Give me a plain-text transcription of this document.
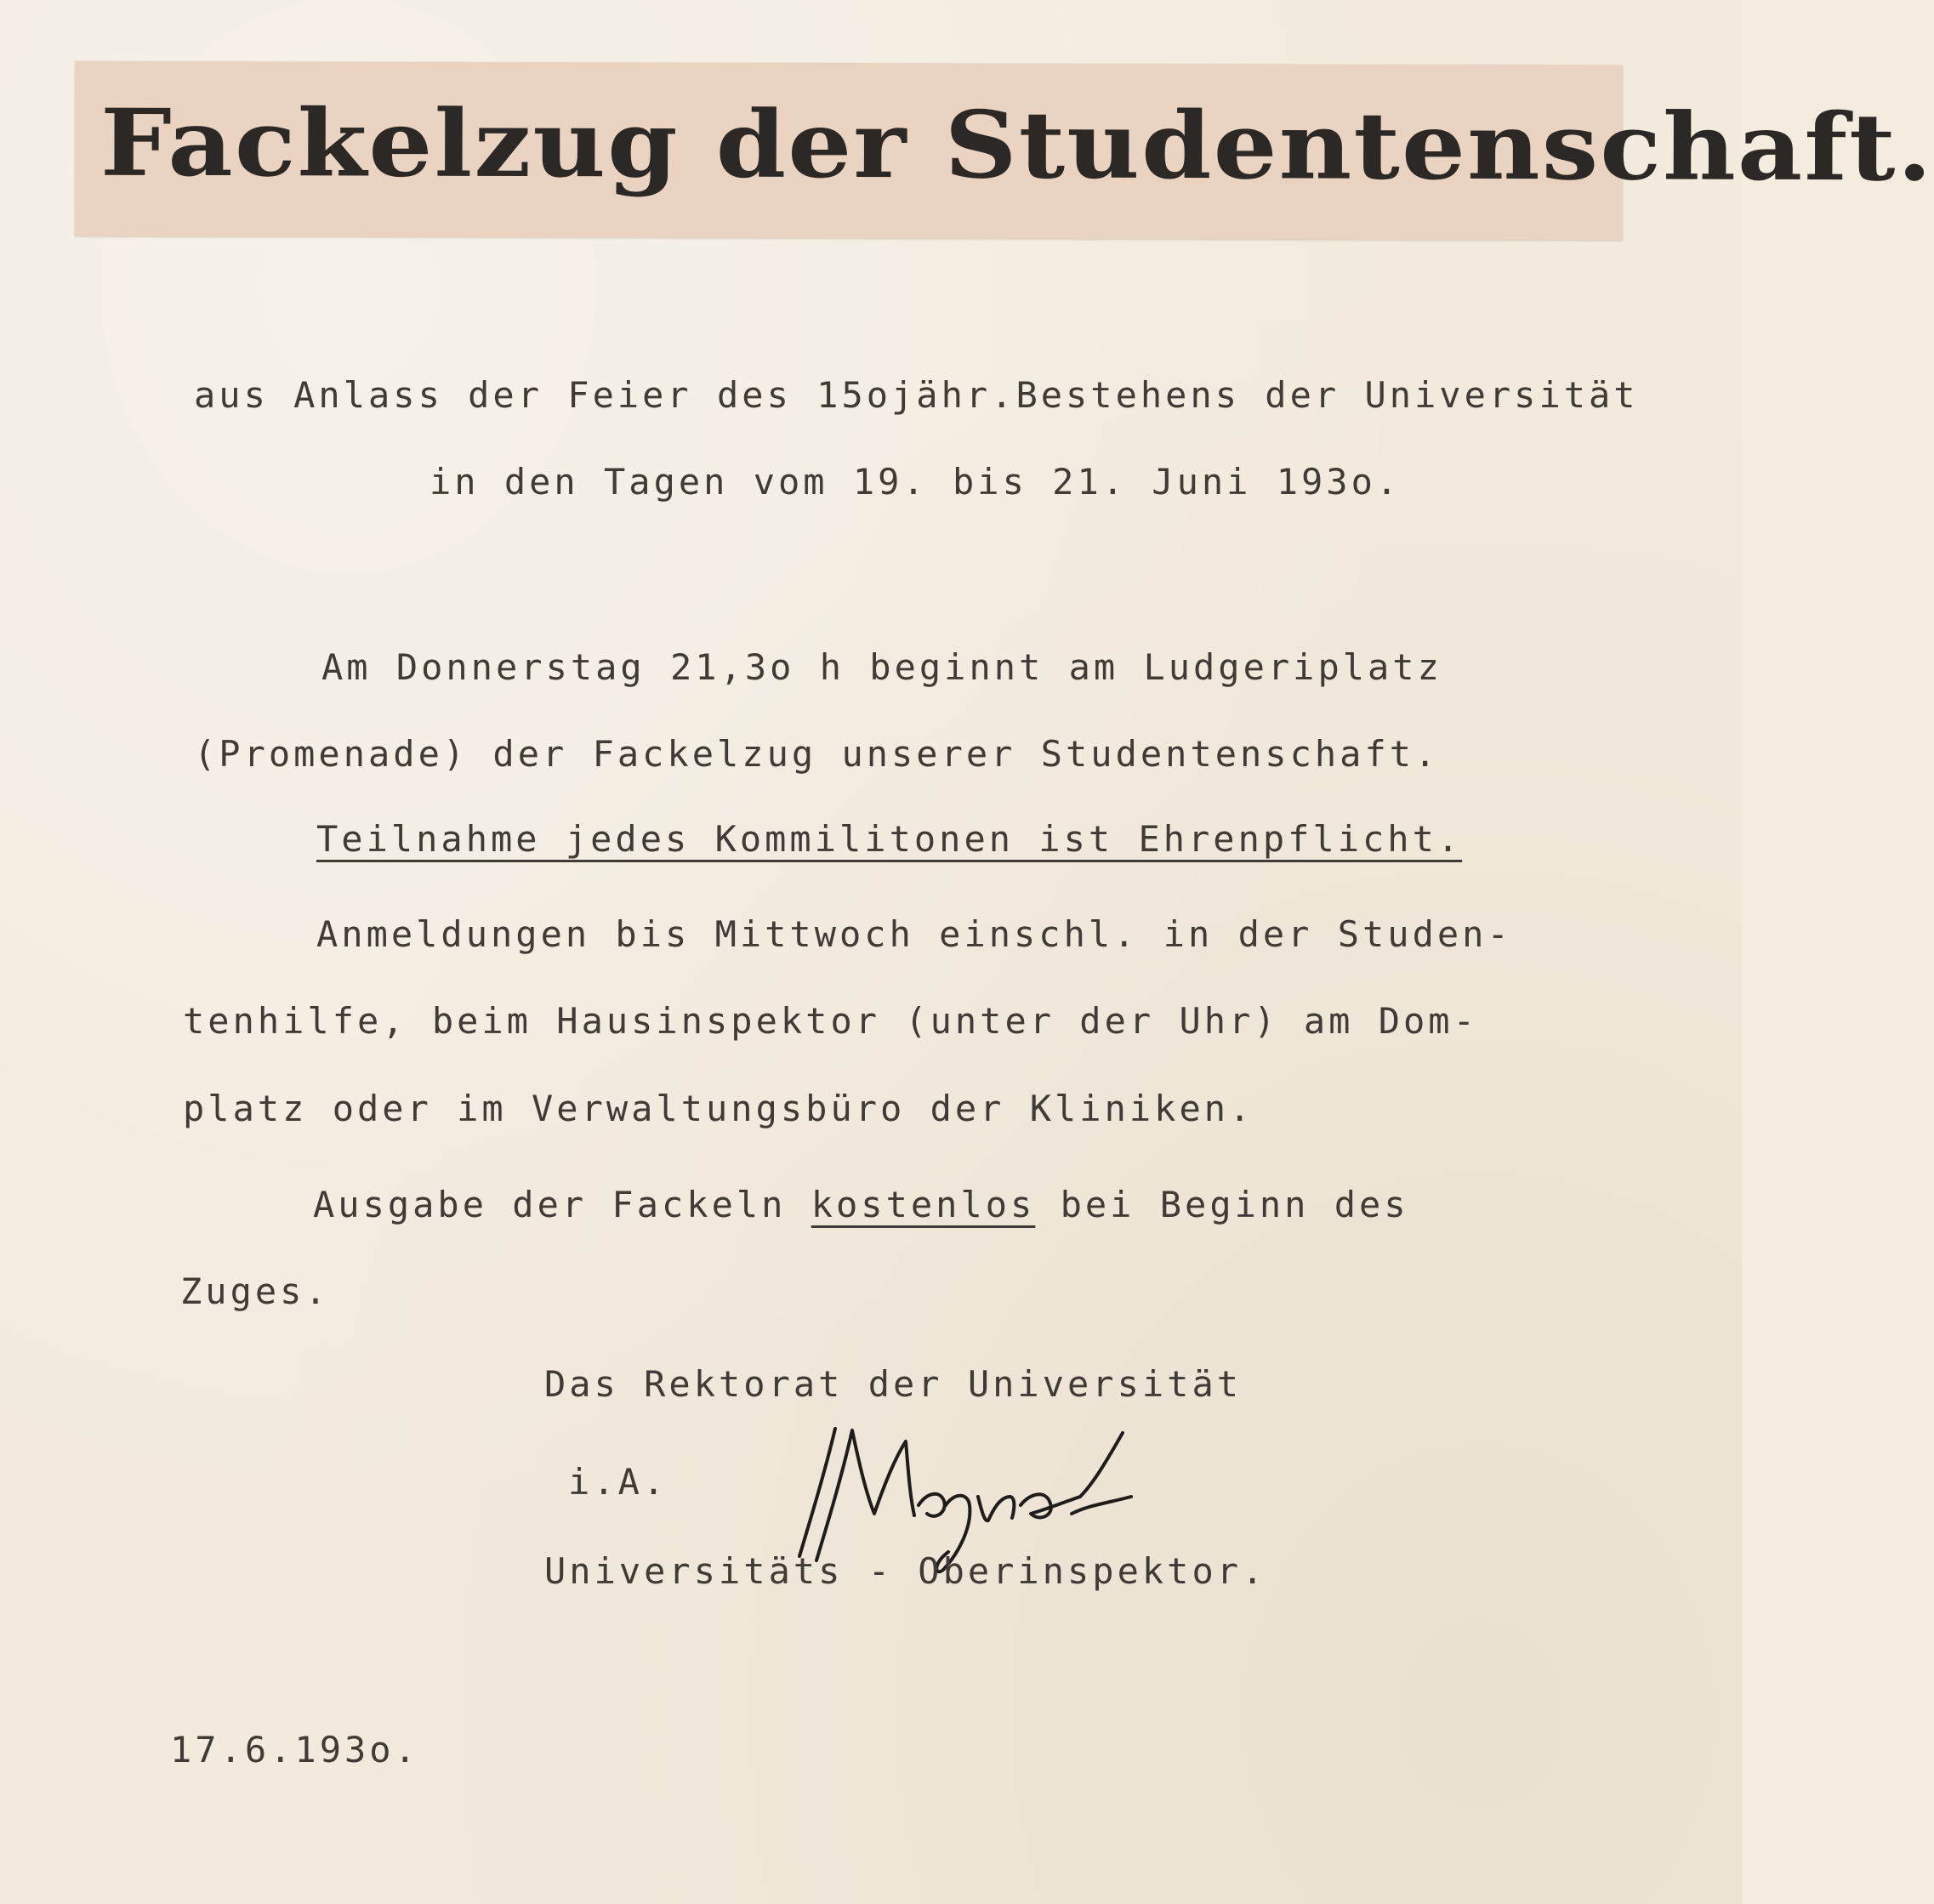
Fackelzug der Studentenschaft.

aus Anlass der Feier des 15ojähr.Bestehens der Universität

in den Tagen vom 19. bis 21. Juni 193o.

Am Donnerstag 21,3o h beginnt am Ludgeriplatz

(Promenade) der Fackelzug unserer Studentenschaft.

Teilnahme jedes Kommilitonen ist Ehrenpflicht.

Anmeldungen bis Mittwoch einschl. in der Studen-

tenhilfe, beim Hausinspektor (unter der Uhr) am Dom-

platz oder im Verwaltungsbüro der Kliniken.

Ausgabe der Fackeln kostenlos bei Beginn des

Zuges.

Das Rektorat der Universität

i.A.

Universitäts - Oberinspektor.

17.6.193o.
